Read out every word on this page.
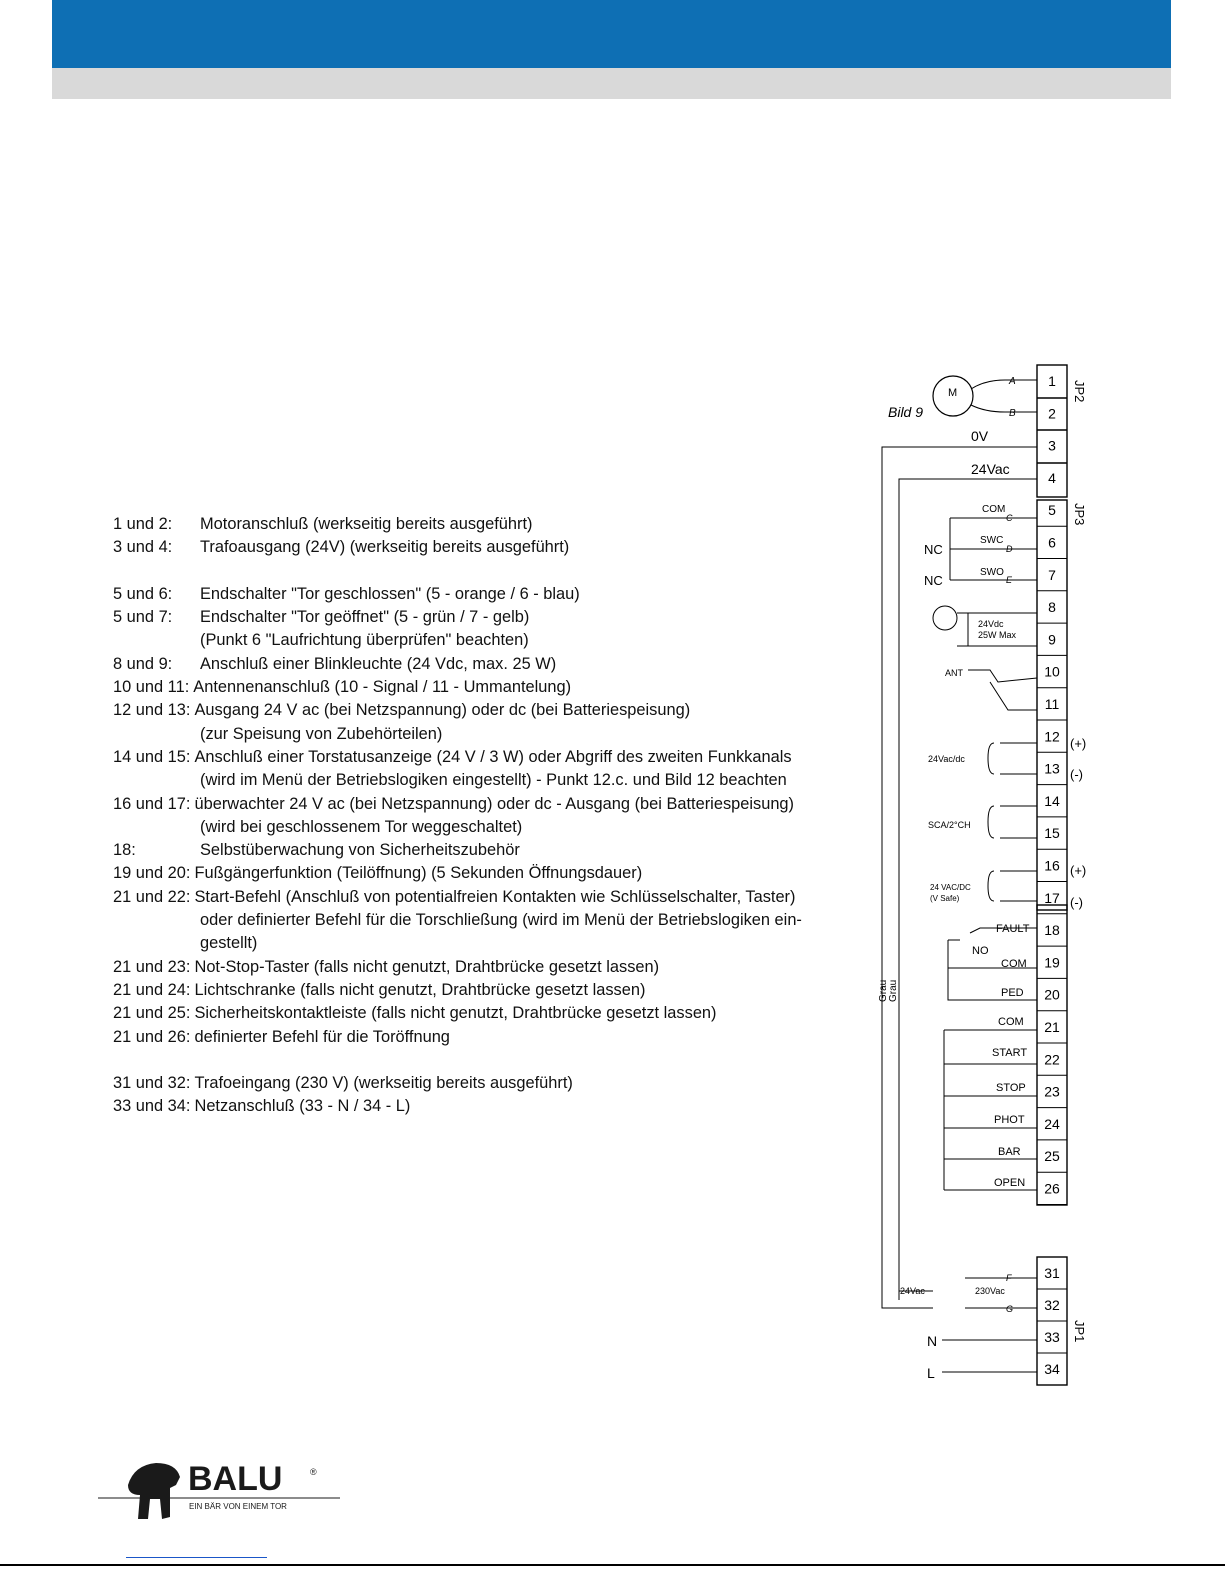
1 und 2:	Motoranschluß (werkseitig bereits ausgeführt)
3 und 4:	Trafoausgang (24V) (werkseitig bereits ausgeführt)
5 und 6:	Endschalter "Tor geschlossen" (5 - orange / 6 - blau)
5 und 7:	Endschalter "Tor geöffnet" (5 - grün / 7 - gelb)
(Punkt 6 "Laufrichtung überprüfen" beachten)
8 und 9:	Anschluß einer Blinkleuchte (24 Vdc, max. 25 W)
10 und 11: Antennenanschluß (10 - Signal / 11 - Ummantelung)
12 und 13: Ausgang 24 V ac (bei Netzspannung) oder dc (bei Batteriespeisung)
(zur Speisung von Zubehörteilen)
14 und 15: Anschluß einer Torstatusanzeige (24 V / 3 W) oder Abgriff des zweiten Funkkanals
(wird im Menü der Betriebslogiken eingestellt) - Punkt 12.c. und Bild 12 beachten
16 und 17: überwachter 24 V ac (bei Netzspannung) oder dc - Ausgang (bei Batteriespeisung)
(wird bei geschlossenem Tor weggeschaltet)
18:	Selbstüberwachung von Sicherheitszubehör
19 und 20: Fußgängerfunktion (Teilöffnung) (5 Sekunden Öffnungsdauer)
21 und 22: Start-Befehl (Anschluß von potentialfreien Kontakten wie Schlüsselschalter, Taster)
oder definierter Befehl für die Torschließung (wird im Menü der Betriebslogiken ein-
gestellt)
21 und 23: Not-Stop-Taster (falls nicht genutzt, Drahtbrücke gesetzt lassen)
21 und 24: Lichtschranke (falls nicht genutzt, Drahtbrücke gesetzt lassen)
21 und 25: Sicherheitskontaktleiste (falls nicht genutzt, Drahtbrücke gesetzt lassen)
21 und 26: definierter Befehl für die Toröffnung
31 und 32: Trafoeingang (230 V) (werkseitig bereits ausgeführt)
33 und 34: Netzanschluß (33 - N / 34 - L)
1
2
3
4
5
6
7
8
9
10
11
12
13
14
15
16
17
18
19
20
21
22
23
24
25
26
31
32
33
34
JP2
JP3
JP1
M
A
B
Bild 9
0V
24Vac
Grau Grau
COM
C
NC
SWC
D
NC
SWO
E
24Vdc
25W Max
ANT
24Vac/dc
SCA/2°CH
24 VAC/DC
(V Safe)
(+)
(-)
(+)
(-)
FAULT
NO
COM
PED
COM
START
STOP
PHOT
BAR
OPEN
24Vac	230Vac
F
G
N
L
BALU	®
EIN BÄR VON EINEM TOR
